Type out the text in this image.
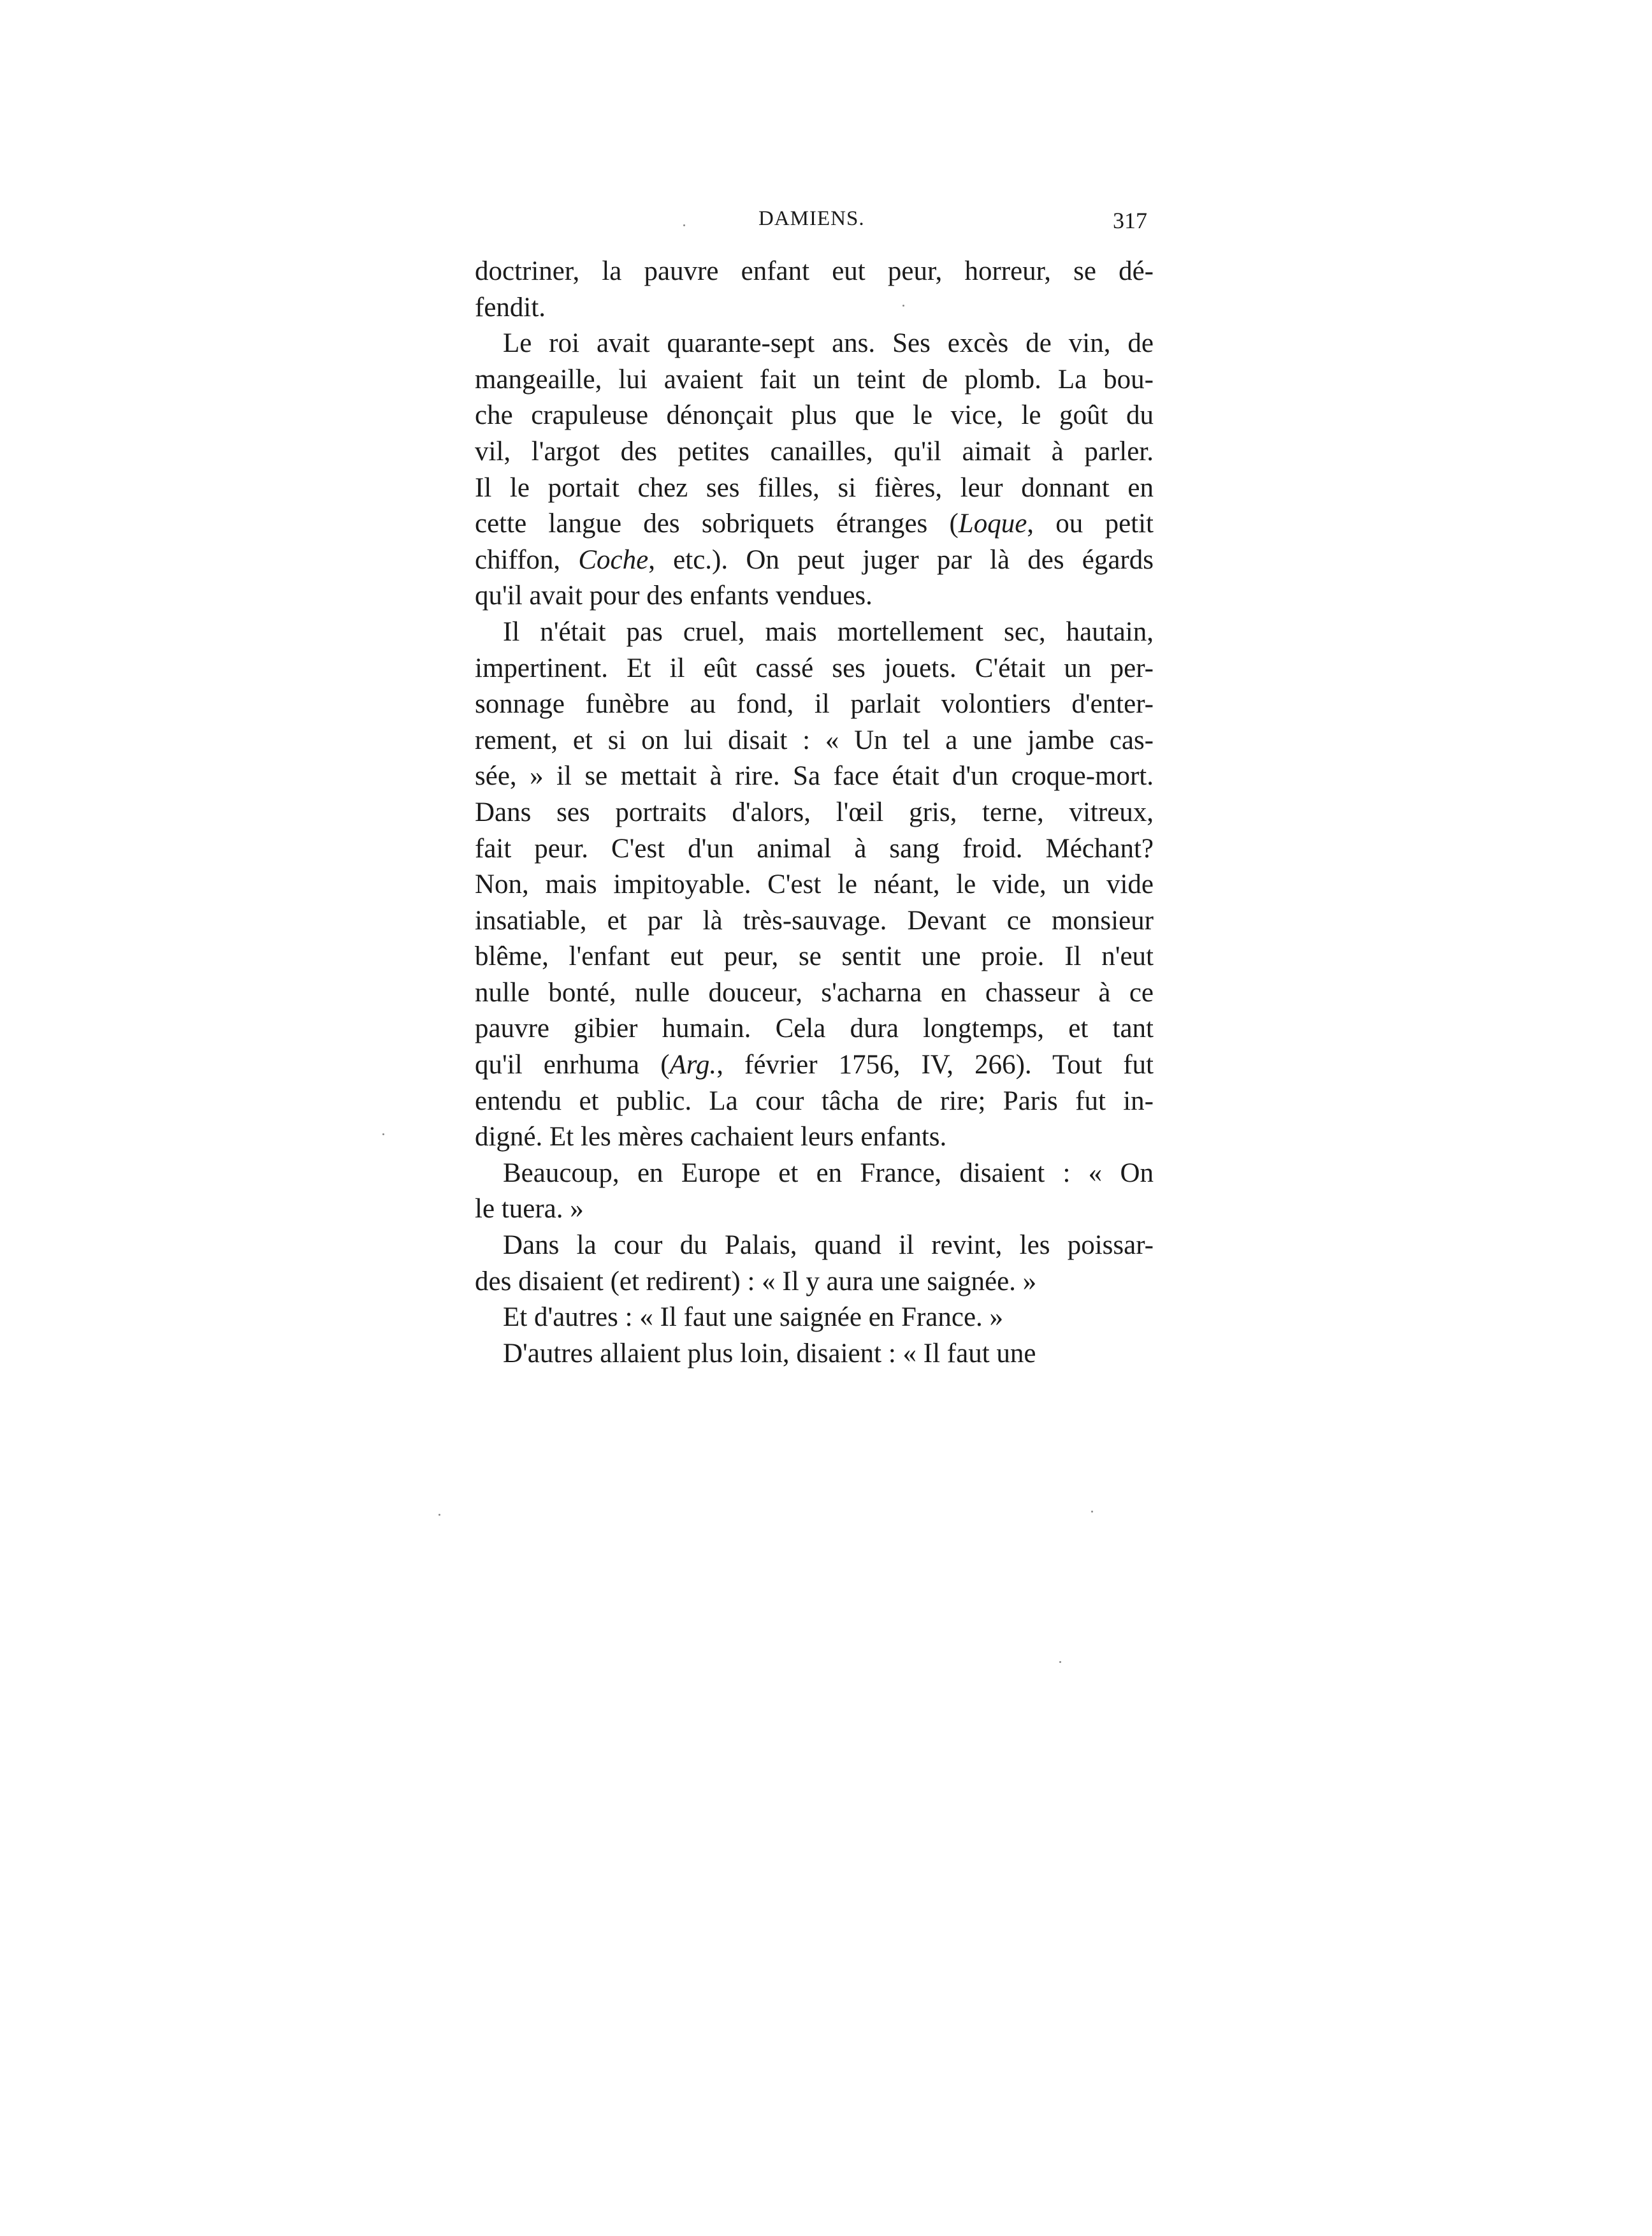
DAMIENS.	317

doctriner, la pauvre enfant eut peur, horreur, se dé-
fendit.

Le roi avait quarante-sept ans. Ses excès de vin, de
mangeaille, lui avaient fait un teint de plomb. La bou-
che crapuleuse dénonçait plus que le vice, le goût du
vil, l'argot des petites canailles, qu'il aimait à parler.
Il le portait chez ses filles, si fières, leur donnant en
cette langue des sobriquets étranges (Loque, ou petit
chiffon, Coche, etc.). On peut juger par là des égards
qu'il avait pour des enfants vendues.

Il n'était pas cruel, mais mortellement sec, hautain,
impertinent. Et il eût cassé ses jouets. C'était un per-
sonnage funèbre au fond, il parlait volontiers d'enter-
rement, et si on lui disait : « Un tel a une jambe cas-
sée, » il se mettait à rire. Sa face était d'un croque-mort.
Dans ses portraits d'alors, l'œil gris, terne, vitreux,
fait peur. C'est d'un animal à sang froid. Méchant?
Non, mais impitoyable. C'est le néant, le vide, un vide
insatiable, et par là très-sauvage. Devant ce monsieur
blême, l'enfant eut peur, se sentit une proie. Il n'eut
nulle bonté, nulle douceur, s'acharna en chasseur à ce
pauvre gibier humain. Cela dura longtemps, et tant
qu'il enrhuma (Arg., février 1756, IV, 266). Tout fut
entendu et public. La cour tâcha de rire; Paris fut in-
digné. Et les mères cachaient leurs enfants.

Beaucoup, en Europe et en France, disaient : « On
le tuera. »

Dans la cour du Palais, quand il revint, les poissar-
des disaient (et redirent) : « Il y aura une saignée. »

Et d'autres : « Il faut une saignée en France. »

D'autres allaient plus loin, disaient : « Il faut une
